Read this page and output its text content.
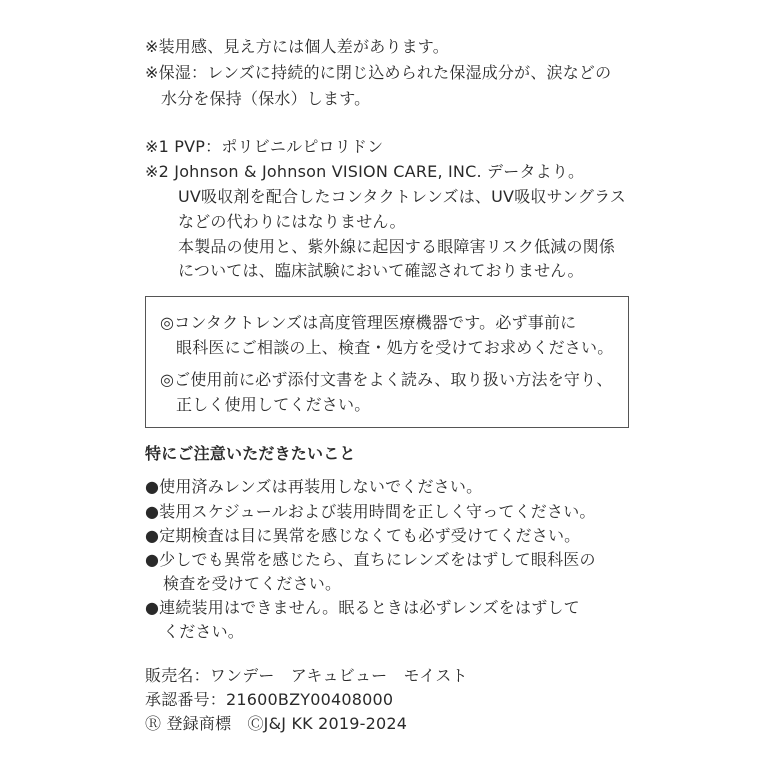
※装用感、見え方には個人差があります。
※保湿：レンズに持続的に閉じ込められた保湿成分が、涙などの
水分を保持（保水）します。
※1 PVP：ポリビニルピロリドン
※2 Johnson & Johnson VISION CARE, INC. データより。
UV吸収剤を配合したコンタクトレンズは、UV吸収サングラス
などの代わりにはなりません。
本製品の使用と、紫外線に起因する眼障害リスク低減の関係
については、臨床試験において確認されておりません。
◎コンタクトレンズは高度管理医療機器です。必ず事前に
眼科医にご相談の上、検査・処方を受けてお求めください。
◎ご使用前に必ず添付文書をよく読み、取り扱い方法を守り、
正しく使用してください。
特にご注意いただきたいこと
●使用済みレンズは再装用しないでください。
●装用スケジュールおよび装用時間を正しく守ってください。
●定期検査は目に異常を感じなくても必ず受けてください。
●少しでも異常を感じたら、直ちにレンズをはずして眼科医の
検査を受けてください。
●連続装用はできません。眠るときは必ずレンズをはずして
ください。
販売名：ワンデー　アキュビュー　モイスト
承認番号：21600BZY00408000
Ⓡ 登録商標　ⒸJ&J KK 2019-2024
